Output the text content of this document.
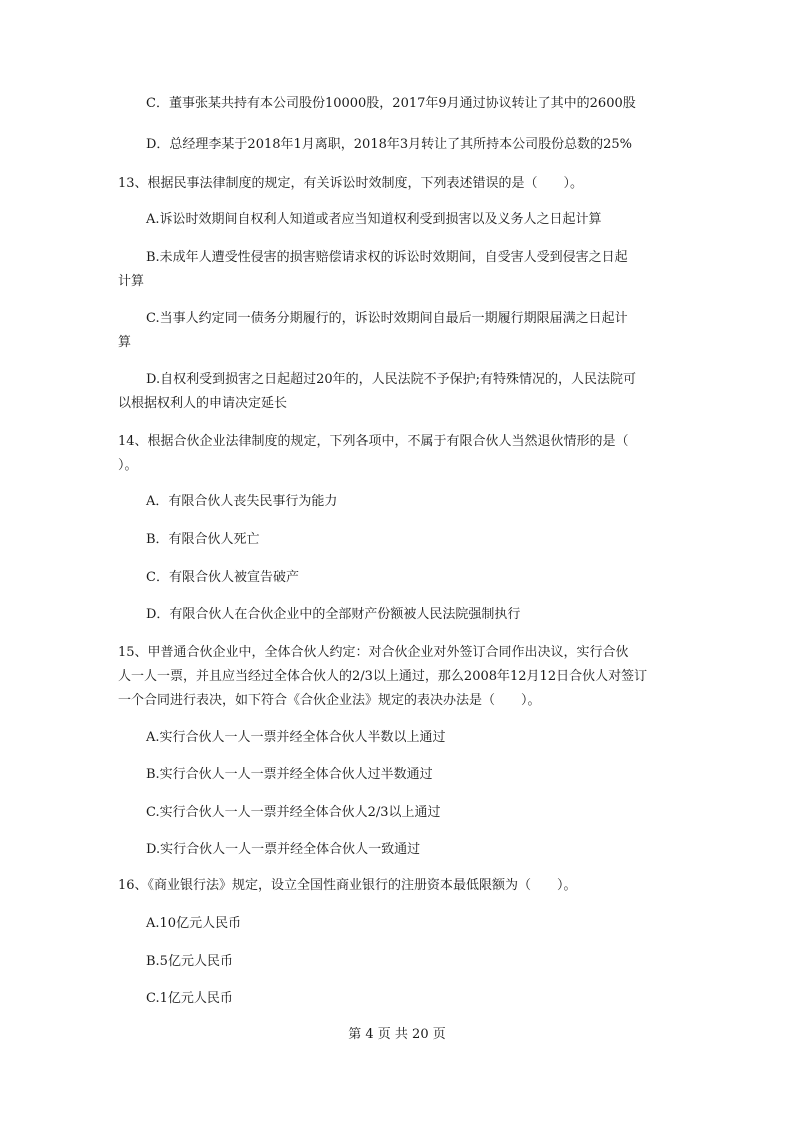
C．董事张某共持有本公司股份10000股，2017年9月通过协议转让了其中的2600股
D．总经理李某于2018年1月离职，2018年3月转让了其所持本公司股份总数的25%
13、根据民事法律制度的规定，有关诉讼时效制度，下列表述错误的是（　　）。
A.诉讼时效期间自权利人知道或者应当知道权利受到损害以及义务人之日起计算
B.未成年人遭受性侵害的损害赔偿请求权的诉讼时效期间，自受害人受到侵害之日起
计算
C.当事人约定同一债务分期履行的，诉讼时效期间自最后一期履行期限届满之日起计
算
D.自权利受到损害之日起超过20年的，人民法院不予保护;有特殊情况的，人民法院可
以根据权利人的申请决定延长
14、根据合伙企业法律制度的规定，下列各项中，不属于有限合伙人当然退伙情形的是（
）。
A．有限合伙人丧失民事行为能力
B．有限合伙人死亡
C．有限合伙人被宣告破产
D．有限合伙人在合伙企业中的全部财产份额被人民法院强制执行
15、甲普通合伙企业中，全体合伙人约定：对合伙企业对外签订合同作出决议，实行合伙
人一人一票，并且应当经过全体合伙人的2/3以上通过，那么2008年12月12日合伙人对签订
一个合同进行表决，如下符合《合伙企业法》规定的表决办法是（　　）。
A.实行合伙人一人一票并经全体合伙人半数以上通过
B.实行合伙人一人一票并经全体合伙人过半数通过
C.实行合伙人一人一票并经全体合伙人2/3以上通过
D.实行合伙人一人一票并经全体合伙人一致通过
16、《商业银行法》规定，设立全国性商业银行的注册资本最低限额为（　　）。
A.10亿元人民币
B.5亿元人民币
C.1亿元人民币
第 4 页 共 20 页
